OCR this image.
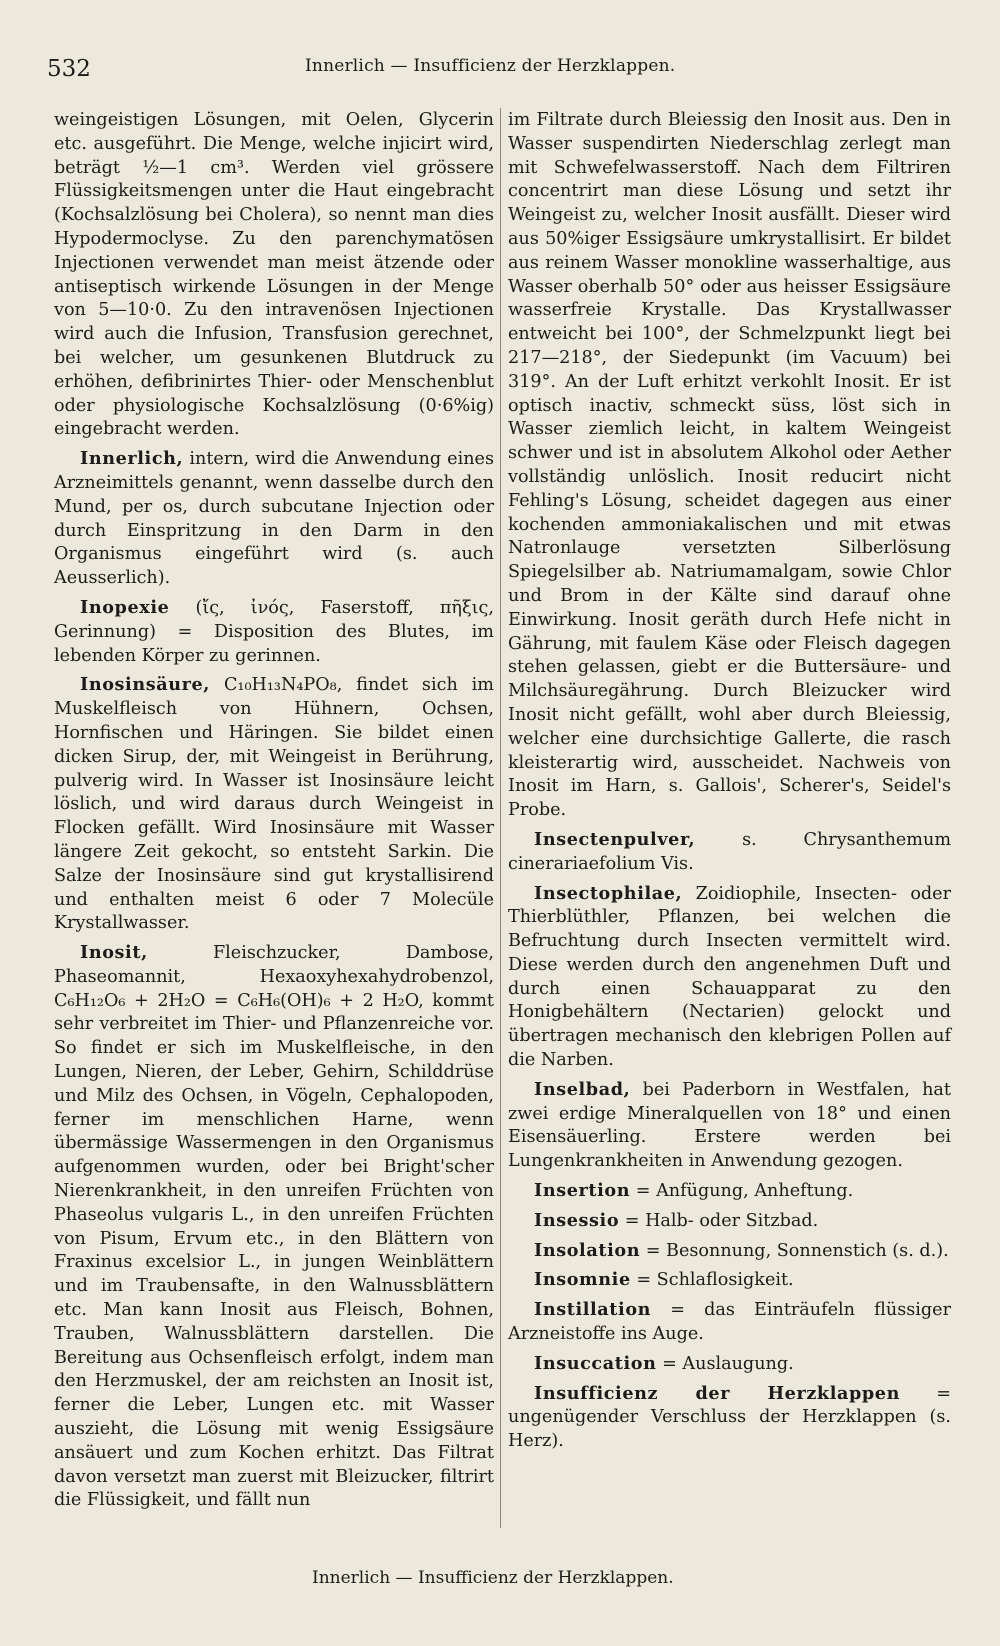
532	Innerlich — Insufficienz der Herzklappen.

weingeistigen Lösungen, mit Oelen, Glycerin etc. ausgeführt. Die Menge, welche injicirt wird, beträgt ½—1 cm³. Werden viel grössere Flüssigkeitsmengen unter die Haut eingebracht (Kochsalzlösung bei Cholera), so nennt man dies Hypodermoclyse. Zu den parenchymatösen Injectionen verwendet man meist ätzende oder antiseptisch wirkende Lösungen in der Menge von 5—10·0. Zu den intravenösen Injectionen wird auch die Infusion, Transfusion gerechnet, bei welcher, um gesunkenen Blutdruck zu erhöhen, defibrinirtes Thier- oder Menschenblut oder physiologische Kochsalzlösung (0·6%ig) eingebracht werden.

Innerlich, intern, wird die Anwendung eines Arzneimittels genannt, wenn dasselbe durch den Mund, per os, durch subcutane Injection oder durch Einspritzung in den Darm in den Organismus eingeführt wird (s. auch Aeusserlich).

Inopexie (ἴς, ἰνός, Faserstoff, πῆξις, Gerinnung) = Disposition des Blutes, im lebenden Körper zu gerinnen.

Inosinsäure, C₁₀H₁₃N₄PO₈, findet sich im Muskelfleisch von Hühnern, Ochsen, Hornfischen und Häringen. Sie bildet einen dicken Sirup, der, mit Weingeist in Berührung, pulverig wird. In Wasser ist Inosinsäure leicht löslich, und wird daraus durch Weingeist in Flocken gefällt. Wird Inosinsäure mit Wasser längere Zeit gekocht, so entsteht Sarkin. Die Salze der Inosinsäure sind gut krystallisirend und enthalten meist 6 oder 7 Molecüle Krystallwasser.

Inosit,	Fleischzucker, Dambose, Phaseomannit, Hexaoxyhexahydrobenzol, C₆H₁₂O₆ + 2H₂O = C₆H₆(OH)₆ + 2 H₂O, kommt sehr verbreitet im Thier- und Pflanzenreiche vor. So findet er sich im Muskelfleische, in den Lungen, Nieren, der Leber, Gehirn, Schilddrüse und Milz des Ochsen, in Vögeln, Cephalopoden, ferner im menschlichen Harne, wenn übermässige Wassermengen in den Organismus aufgenommen wurden, oder bei Bright'scher Nierenkrankheit, in den unreifen Früchten von Phaseolus vulgaris L., in den unreifen Früchten von Pisum, Ervum etc., in den Blättern von Fraxinus excelsior L., in jungen Weinblättern und im Traubensafte, in den Walnussblättern etc. Man kann Inosit aus Fleisch, Bohnen, Trauben, Walnussblättern darstellen. Die Bereitung aus Ochsenfleisch erfolgt, indem man den Herzmuskel, der am reichsten an Inosit ist, ferner die Leber, Lungen etc. mit Wasser auszieht, die Lösung mit wenig Essigsäure ansäuert und zum Kochen erhitzt. Das Filtrat davon versetzt man zuerst mit Bleizucker, filtrirt die Flüssigkeit, und fällt nun

im Filtrate durch Bleiessig den Inosit aus. Den in Wasser suspendirten Niederschlag zerlegt man mit Schwefelwasserstoff. Nach dem Filtriren concentrirt man diese Lösung und setzt ihr Weingeist zu, welcher Inosit ausfällt. Dieser wird aus 50%iger Essigsäure umkrystallisirt. Er bildet aus reinem Wasser monokline wasserhaltige, aus Wasser oberhalb 50° oder aus heisser Essigsäure wasserfreie Krystalle. Das Krystallwasser entweicht bei 100°, der Schmelzpunkt liegt bei 217—218°, der Siedepunkt (im Vacuum) bei 319°. An der Luft erhitzt verkohlt Inosit. Er ist optisch inactiv, schmeckt süss, löst sich in Wasser ziemlich leicht, in kaltem Weingeist schwer und ist in absolutem Alkohol oder Aether vollständig unlöslich. Inosit reducirt nicht Fehling's Lösung, scheidet dagegen aus einer kochenden ammoniakalischen und mit etwas Natronlauge versetzten Silberlösung Spiegelsilber ab. Natriumamalgam, sowie Chlor und Brom in der Kälte sind darauf ohne Einwirkung. Inosit geräth durch Hefe nicht in Gährung, mit faulem Käse oder Fleisch dagegen stehen gelassen, giebt er die Buttersäure- und Milchsäuregährung. Durch Bleizucker wird Inosit nicht gefällt, wohl aber durch Bleiessig, welcher eine durchsichtige Gallerte, die rasch kleisterartig wird, ausscheidet. Nachweis von Inosit im Harn, s. Gallois', Scherer's, Seidel's Probe.

Insectenpulver,	s. Chrysanthemum cinerariaefolium Vis.

Insectophilae, Zoidiophile, Insecten- oder Thierblüthler, Pflanzen, bei welchen die Befruchtung durch Insecten vermittelt wird. Diese werden durch den angenehmen Duft und durch einen Schauapparat zu den Honigbehältern (Nectarien) gelockt und übertragen mechanisch den klebrigen Pollen auf die Narben.

Inselbad, bei Paderborn in Westfalen, hat zwei erdige Mineralquellen von 18° und einen Eisensäuerling. Erstere werden bei Lungenkrankheiten in Anwendung gezogen.

Insertion = Anfügung, Anheftung.

Insessio = Halb- oder Sitzbad.

Insolation = Besonnung, Sonnenstich (s. d.).

Insomnie = Schlaflosigkeit.

Instillation = das Einträufeln flüssiger Arzneistoffe ins Auge.

Insuccation = Auslaugung.

Insufficienz der Herzklappen = ungenügender Verschluss der Herzklappen (s. Herz).

Innerlich — Insufficienz der Herzklappen.
